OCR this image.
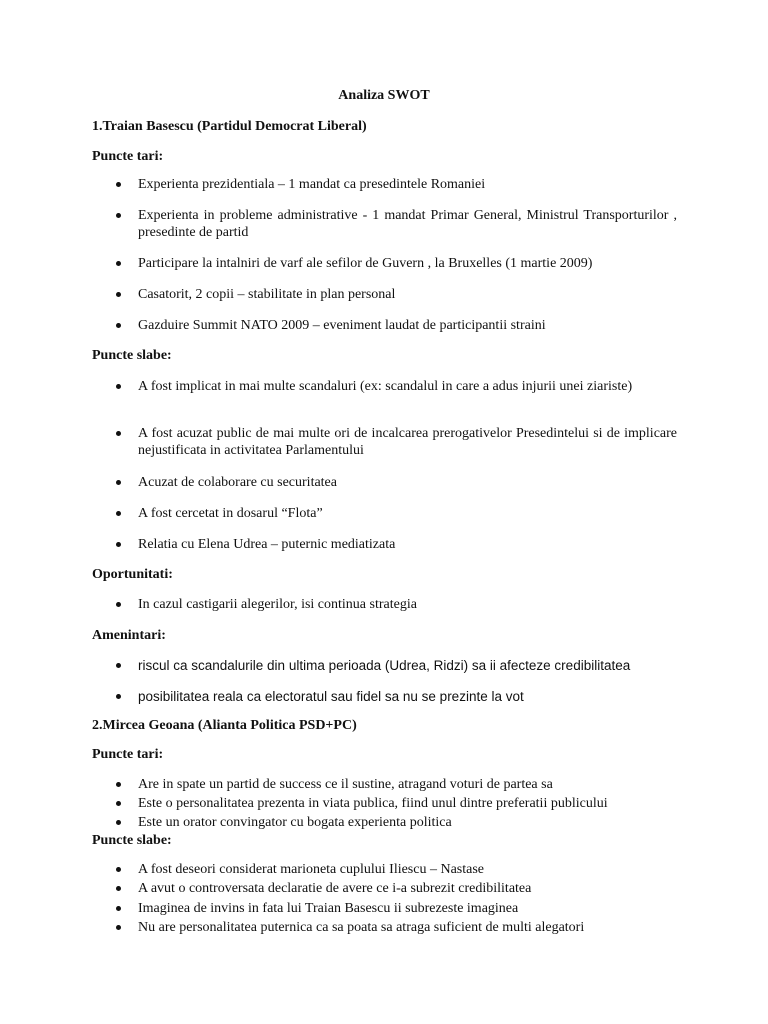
Analiza SWOT
1.Traian Basescu (Partidul Democrat Liberal)
Puncte tari:
Experienta prezidentiala – 1 mandat ca presedintele Romaniei
Experienta in probleme administrative - 1 mandat Primar General, Ministrul Transporturilor , presedinte de partid
Participare la intalniri de varf ale sefilor de Guvern , la Bruxelles (1 martie 2009)
Casatorit, 2 copii – stabilitate in plan personal
Gazduire Summit NATO 2009 – eveniment laudat de participantii straini
Puncte slabe:
A fost implicat in mai multe scandaluri (ex: scandalul in care a adus injurii unei ziariste)
A fost acuzat public de mai multe ori de incalcarea prerogativelor Presedintelui si de implicare nejustificata in activitatea Parlamentului
Acuzat de colaborare cu securitatea
A fost cercetat in dosarul “Flota”
Relatia cu Elena Udrea – puternic mediatizata
Oportunitati:
In cazul castigarii alegerilor, isi continua strategia
Amenintari:
riscul ca scandalurile din ultima perioada (Udrea, Ridzi) sa ii afecteze credibilitatea
posibilitatea reala ca electoratul sau fidel sa nu se prezinte la vot
2.Mircea Geoana (Alianta Politica PSD+PC)
Puncte tari:
Are in spate un partid de success ce il sustine, atragand voturi de partea sa
Este o personalitatea prezenta in viata publica, fiind unul dintre preferatii publicului
Este un orator convingator cu bogata experienta politica
Puncte slabe:
A fost deseori considerat marioneta cuplului Iliescu – Nastase
A avut o controversata declaratie de avere ce i-a subrezit credibilitatea
Imaginea de invins in fata lui Traian Basescu ii subrezeste imaginea
Nu are personalitatea puternica ca sa poata sa atraga suficient de multi alegatori
